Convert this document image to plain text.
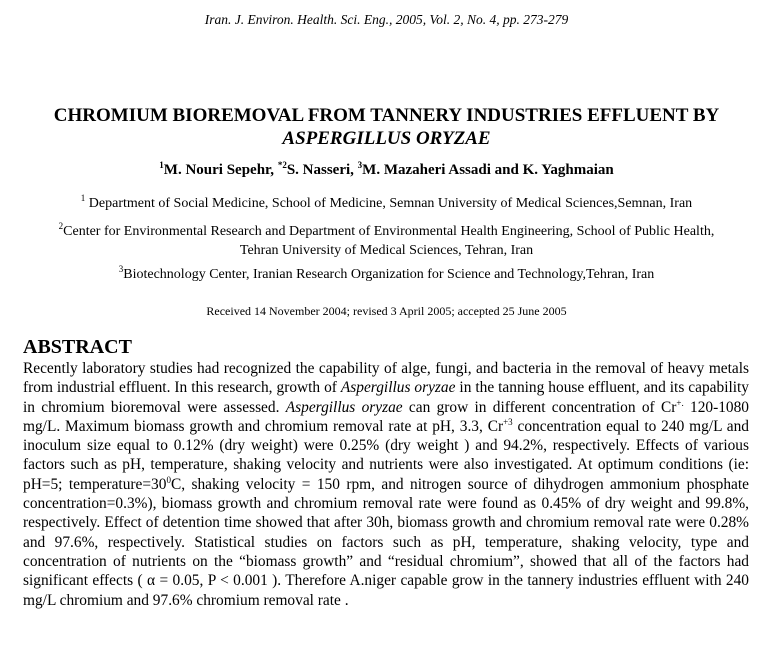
Iran. J. Environ. Health. Sci. Eng., 2005, Vol. 2, No. 4, pp. 273-279
CHROMIUM BIOREMOVAL FROM TANNERY INDUSTRIES EFFLUENT BY
ASPERGILLUS ORYZAE
$^1$M. Nouri Sepehr, $^{*2}$S. Nasseri, $^3$M. Mazaheri Assadi and K. Yaghmaian
$^1$ Department of Social Medicine, School of Medicine, Semnan University of Medical Sciences,Semnan, Iran
$^2$Center for Environmental Research and Department of Environmental Health Engineering, School of Public Health,
Tehran University of Medical Sciences, Tehran, Iran
$^3$Biotechnology Center, Iranian Research Organization for Science and Technology,Tehran, Iran
Received 14 November 2004; revised 3 April 2005; accepted 25 June 2005
ABSTRACT
Recently laboratory studies had recognized the capability of alge, fungi, and bacteria in the removal of heavy metals from industrial effluent. In this research, growth of Aspergillus oryzae in the tanning house effluent, and its capability in chromium bioremoval were assessed. Aspergillus oryzae can grow in different concentration of Cr+. 120-1080 mg/L. Maximum biomass growth and chromium removal rate at pH, 3.3, $Cr^{+3}$ concentration equal to 240 mg/L and inoculum size equal to 0.12% (dry weight) were 0.25% (dry weight ) and 94.2%, respectively. Effects of various factors such as pH, temperature, shaking velocity and nutrients were also investigated. At optimum conditions (ie: pH=5; $temperature=30^0C$, shaking velocity = 150 rpm, and nitrogen source of dihydrogen ammonium phosphate concentration=0.3%), biomass growth and chromium removal rate were found as 0.45% of dry weight and 99.8%, respectively. Effect of detention time showed that after 30h, biomass growth and chromium removal rate were 0.28% and 97.6%, respectively. Statistical studies on factors such as pH, temperature, shaking velocity, type and concentration of nutrients on the “biomass growth” and “residual chromium”, showed that all of the factors had significant effects ( α = 0.05, P < 0.001 ). Therefore A.niger capable grow in the tannery industries effluent with 240 mg/L chromium and 97.6% chromium removal rate .
